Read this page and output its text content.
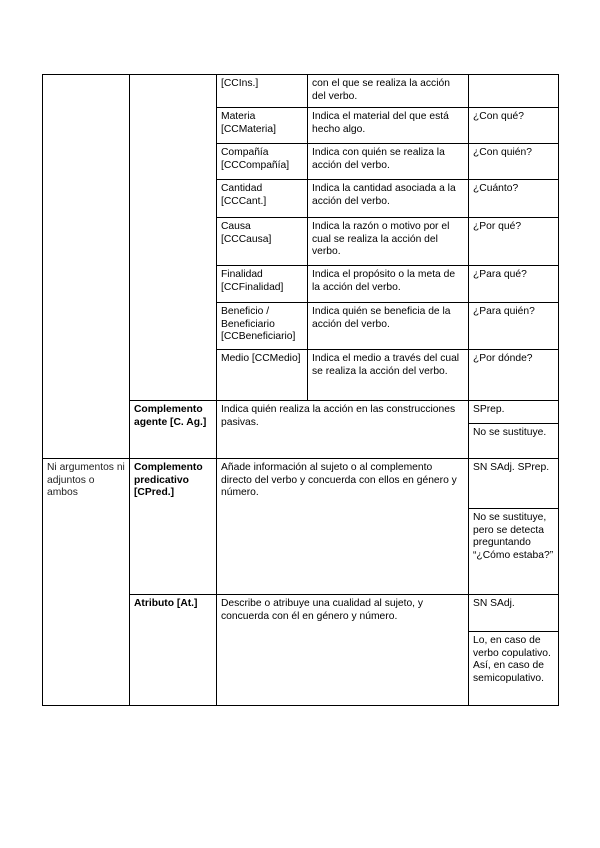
		[CCIns.]	con el que se realiza la acción del verbo.	
		Materia [CCMateria]	Indica el material del que está hecho algo.	¿Con qué?
		Compañía [CCCompañía]	Indica con quién se realiza la acción del verbo.	¿Con quién?
		Cantidad [CCCant.]	Indica la cantidad asociada a la acción del verbo.	¿Cuánto?
		Causa [CCCausa]	Indica la razón o motivo por el cual se realiza la acción del verbo.	¿Por qué?
		Finalidad [CCFinalidad]	Indica el propósito o la meta de la acción del verbo.	¿Para qué?
		Beneficio / Beneficiario [CCBeneficiario]	Indica quién se beneficia de la acción del verbo.	¿Para quién?
		Medio [CCMedio]	Indica el medio a través del cual se realiza la acción del verbo.	¿Por dónde?
	Complemento agente [C. Ag.]	Indica quién realiza la acción en las construcciones pasivas.		SPrep.
				No se sustituye.
Ni argumentos ni adjuntos o ambos	Complemento predicativo [CPred.]	Añade información al sujeto o al complemento directo del verbo y concuerda con ellos en género y número.		SN SAdj. SPrep.
				No se sustituye, pero se detecta preguntando “¿Cómo estaba?”
	Atributo [At.]	Describe o atribuye una cualidad al sujeto, y concuerda con él en género y número.		SN SAdj.
				Lo, en caso de verbo copulativo. Así, en caso de semicopulativo.
